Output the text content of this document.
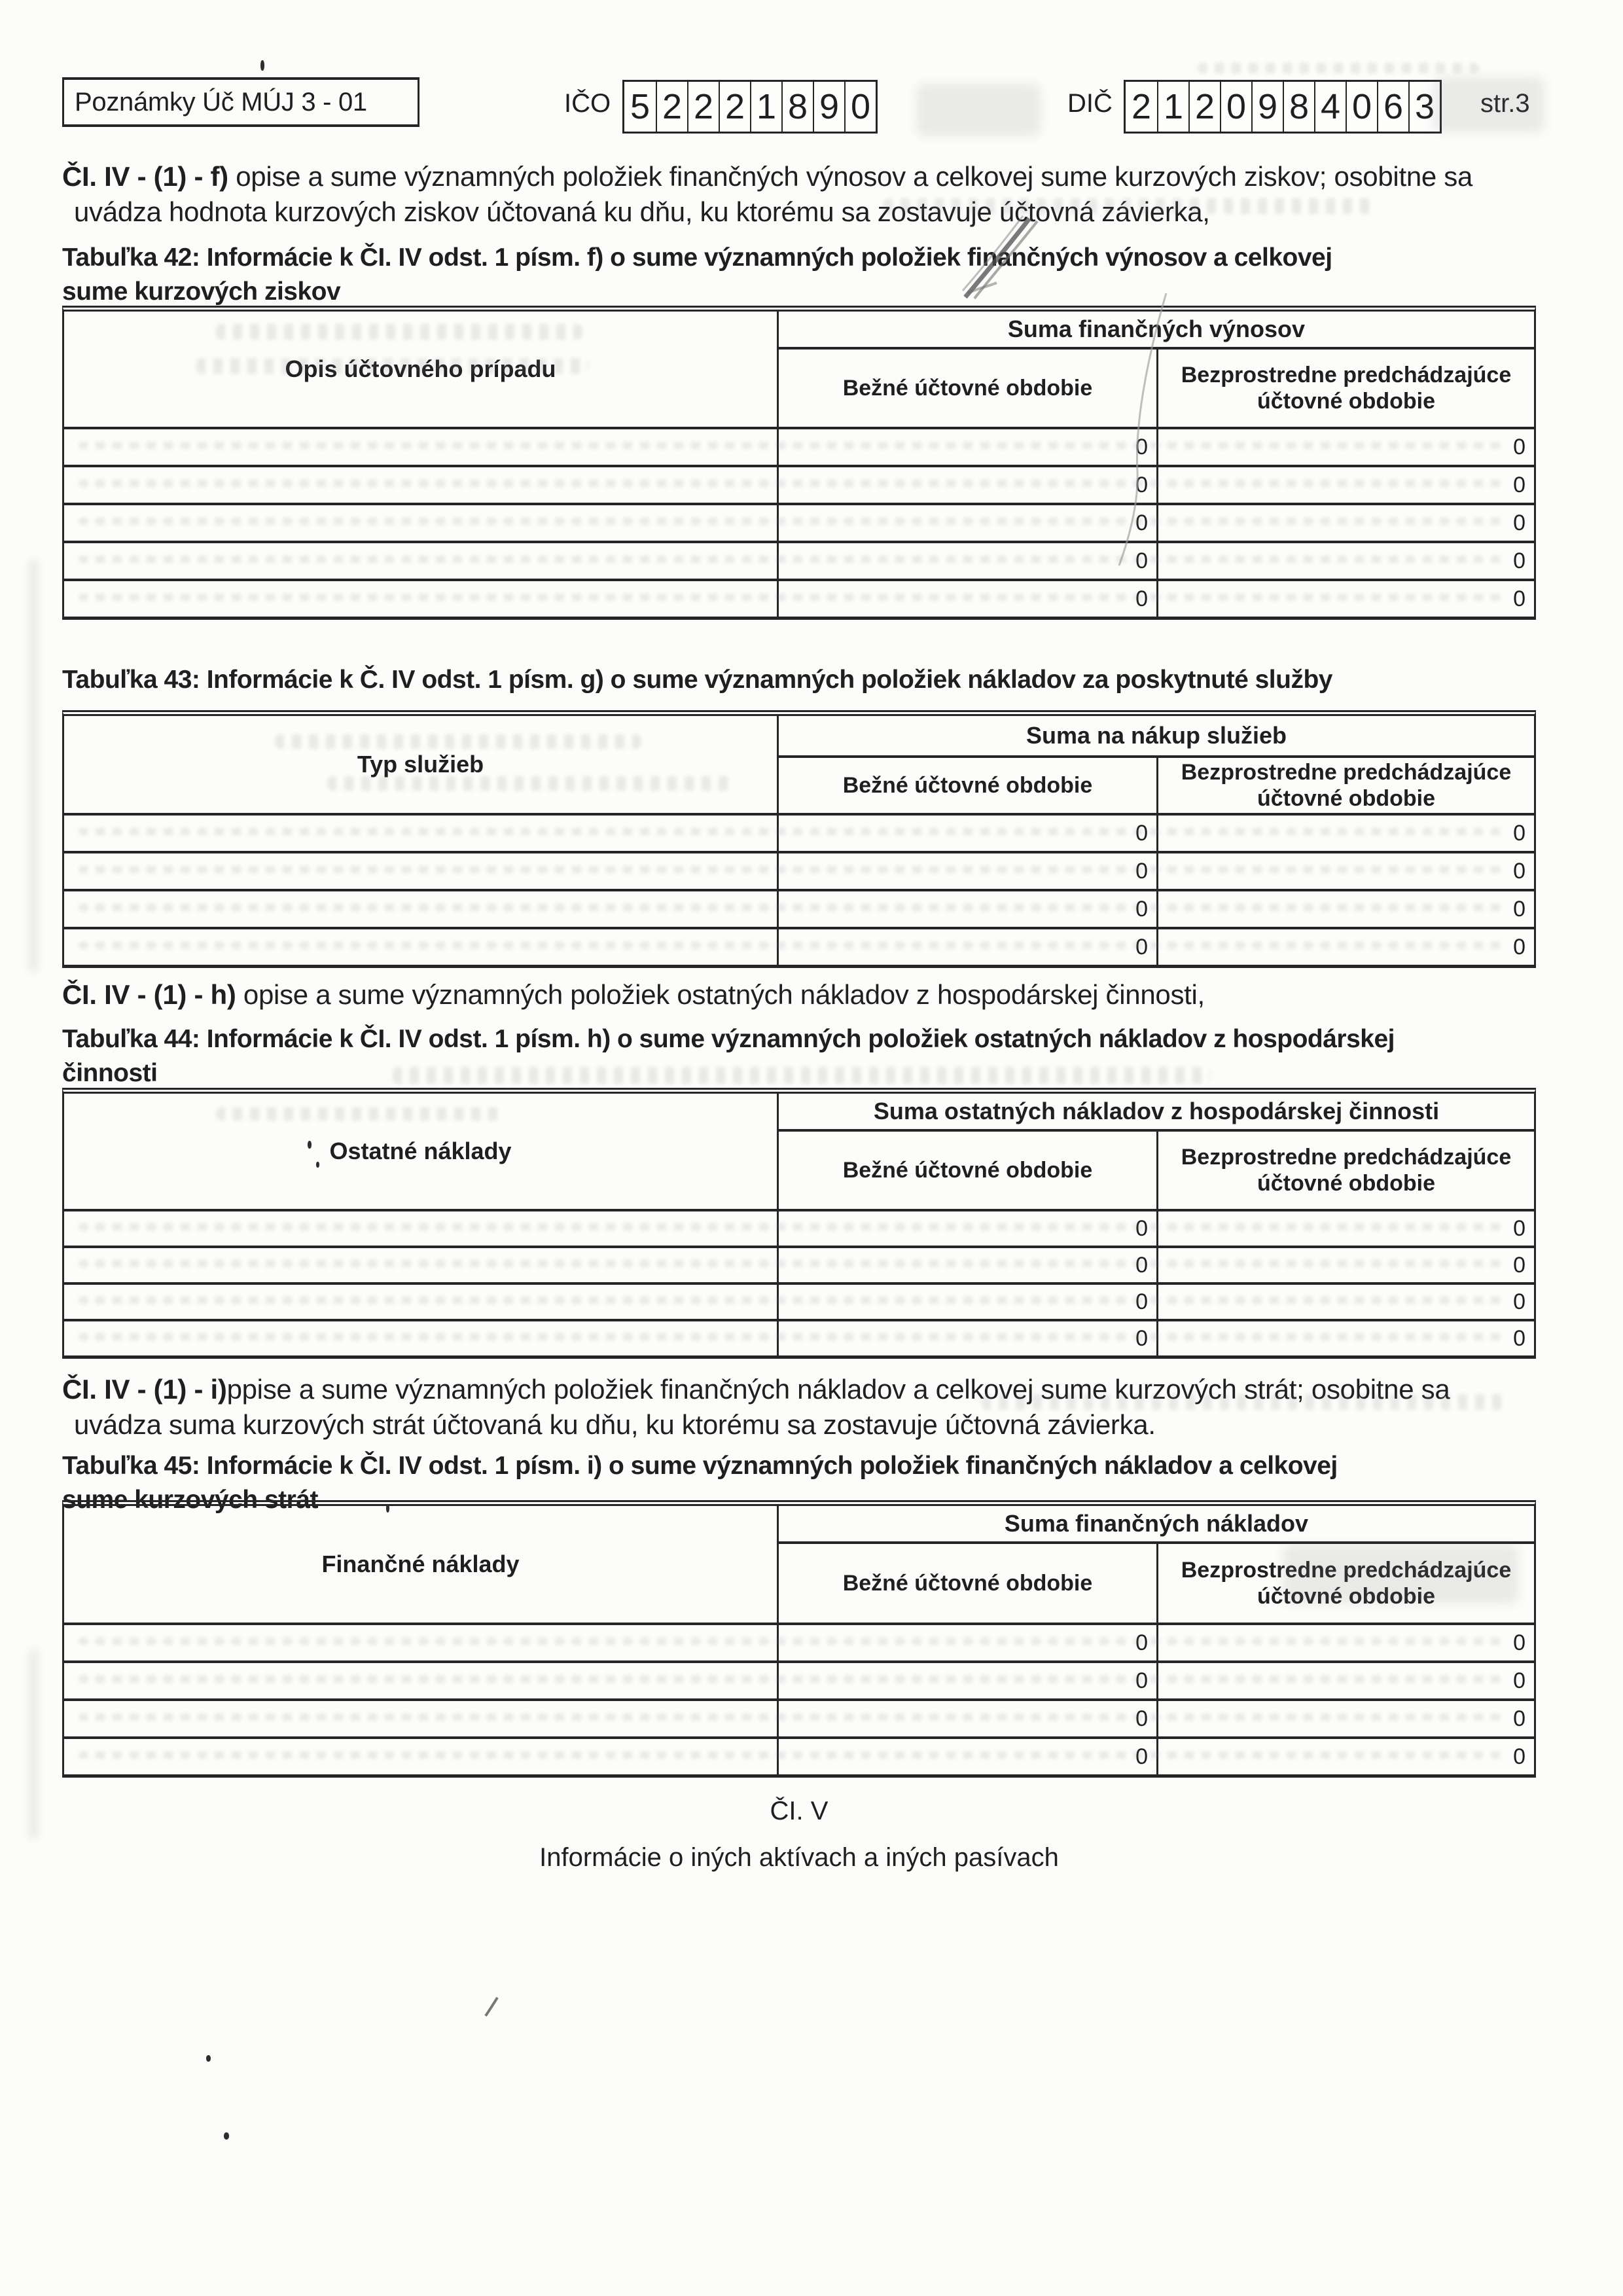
Poznámky Úč MÚJ 3 - 01	IČO 5 2 2 2 1 8 9 0	DIČ 2 1 2 0 9 8 4 0 6 3 str.3
ČI. IV - (1) - f) opise a sume významných položiek finančných výnosov a celkovej sume kurzových ziskov; osobitne sa
uvádza hodnota kurzových ziskov účtovaná ku dňu, ku ktorému sa zostavuje účtovná závierka,
Tabuľka 42: Informácie k ČI. IV odst. 1 písm. f) o sume významných položiek finančných výnosov a celkovej
sume kurzových ziskov
Opis účtovného prípadu
Suma finančných výnosov
Bežné účtovné obdobie
Bezprostredne predchádzajúce účtovné obdobie
0	0
0	0
0	0
0	0
0	0
Tabuľka 43: Informácie k Č. IV odst. 1 písm. g) o sume významných položiek nákladov za poskytnuté služby
Typ služieb
Suma na nákup služieb
Bežné účtovné obdobie
Bezprostredne predchádzajúce účtovné obdobie
0	0
0	0
0	0
0	0
ČI. IV - (1) - h) opise a sume významných položiek ostatných nákladov z hospodárskej činnosti,
Tabuľka 44: Informácie k ČI. IV odst. 1 písm. h) o sume významných položiek ostatných nákladov z hospodárskej
činnosti
Ostatné náklady
Suma ostatných nákladov z hospodárskej činnosti
Bežné účtovné obdobie
Bezprostredne predchádzajúce účtovné obdobie
0	0
0	0
0	0
0	0
ČI. IV - (1) - i)ppise a sume významných položiek finančných nákladov a celkovej sume kurzových strát; osobitne sa
uvádza suma kurzových strát účtovaná ku dňu, ku ktorému sa zostavuje účtovná závierka.
Tabuľka 45: Informácie k ČI. IV odst. 1 písm. i) o sume významných položiek finančných nákladov a celkovej
sume kurzových strát
Finančné náklady
Suma finančných nákladov
Bežné účtovné obdobie
Bezprostredne predchádzajúce účtovné obdobie
0	0
0	0
0	0
0	0
ČI. V
Informácie o iných aktívach a iných pasívach
